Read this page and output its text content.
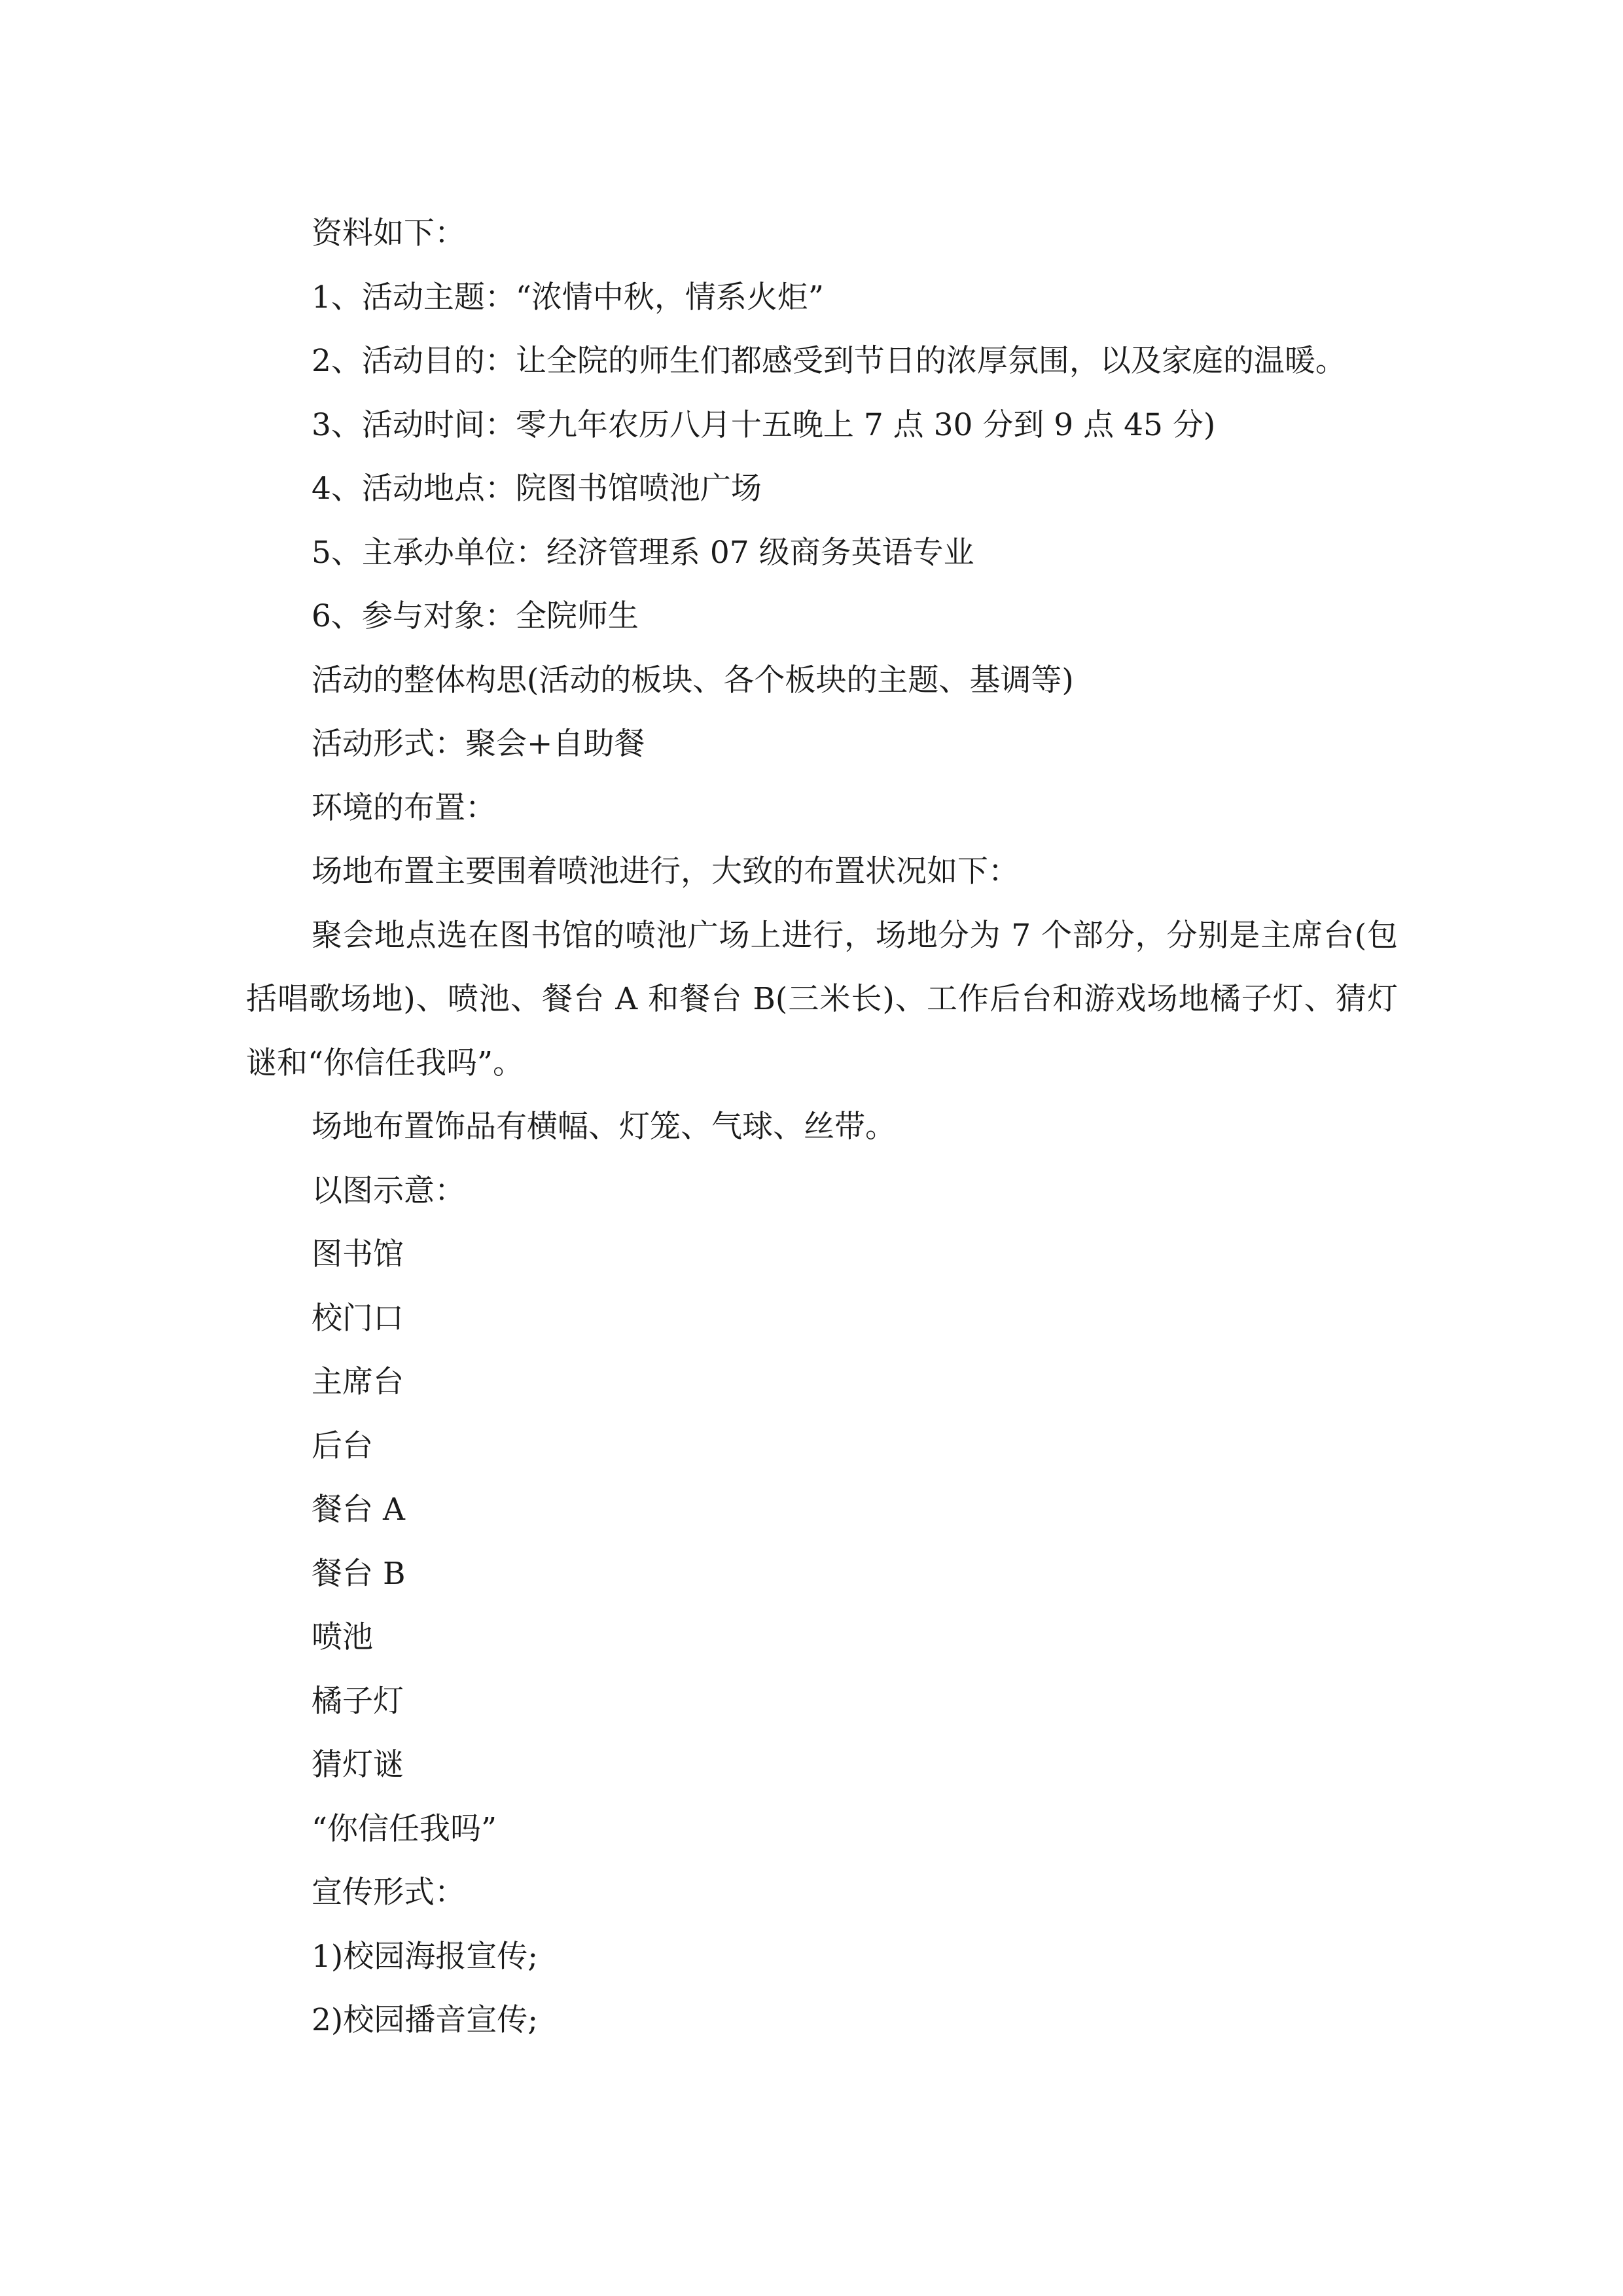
资料如下：
1、活动主题：“浓情中秋，情系火炬”
2、活动目的：让全院的师生们都感受到节日的浓厚氛围，以及家庭的温暖。
3、活动时间：零九年农历八月十五晚上 7 点 30 分到 9 点 45 分)
4、活动地点：院图书馆喷池广场
5、主承办单位：经济管理系 07 级商务英语专业
6、参与对象：全院师生
活动的整体构思(活动的板块、各个板块的主题、基调等)
活动形式：聚会+自助餐
环境的布置：
场地布置主要围着喷池进行，大致的布置状况如下：
聚会地点选在图书馆的喷池广场上进行，场地分为 7 个部分，分别是主席台(包括唱歌场地)、喷池、餐台 A 和餐台 B(三米长)、工作后台和游戏场地橘子灯、猜灯谜和“你信任我吗”。
场地布置饰品有横幅、灯笼、气球、丝带。
以图示意：
图书馆
校门口
主席台
后台
餐台 A
餐台 B
喷池
橘子灯
猜灯谜
“你信任我吗”
宣传形式：
1)校园海报宣传;
2)校园播音宣传;
